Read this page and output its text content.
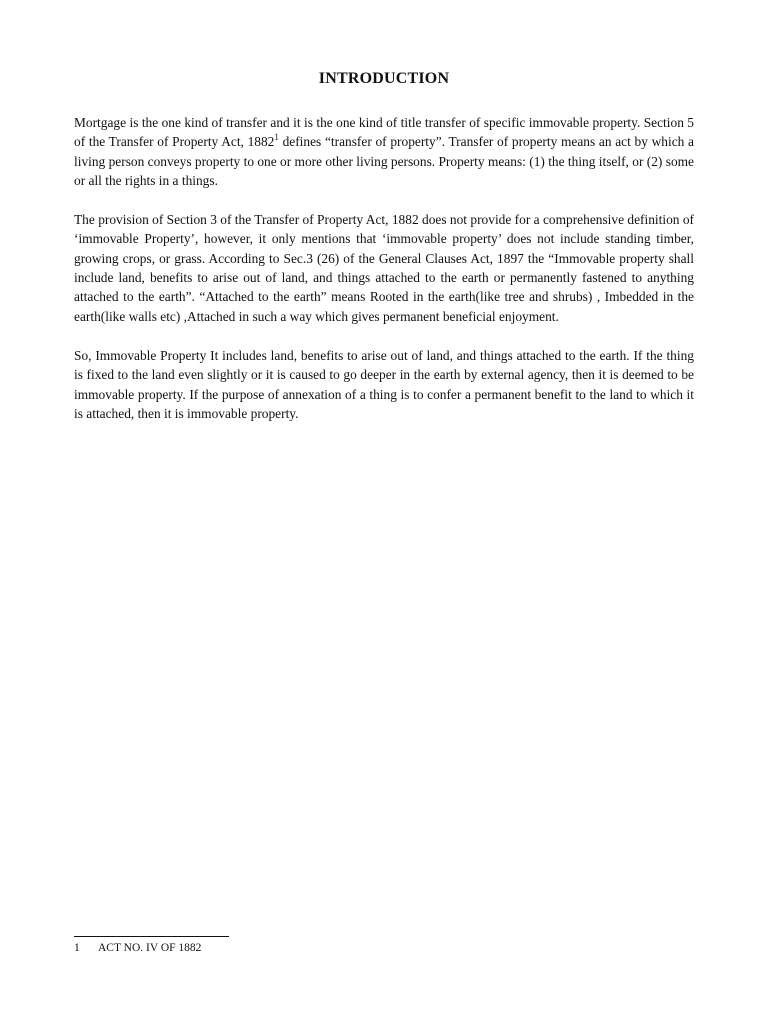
INTRODUCTION

Mortgage is the one kind of transfer and it is the one kind of title transfer of specific immovable property. Section 5 of the Transfer of Property Act, 1882$^1$ defines “transfer of property”. Transfer of property means an act by which a living person conveys property to one or more other living persons. Property means: (1) the thing itself, or (2) some or all the rights in a things.

The provision of Section 3 of the Transfer of Property Act, 1882 does not provide for a comprehensive definition of ‘immovable Property’, however, it only mentions that ‘immovable property’ does not include standing timber, growing crops, or grass. According to Sec.3 (26) of the General Clauses Act, 1897 the “Immovable property shall include land, benefits to arise out of land, and things attached to the earth or permanently fastened to anything attached to the earth”. “Attached to the earth” means Rooted in the earth(like tree and shrubs) , Imbedded in the earth(like walls etc) ,Attached in such a way which gives permanent beneficial enjoyment.

So, Immovable Property It includes land, benefits to arise out of land, and things attached to the earth. If the thing is fixed to the land even slightly or it is caused to go deeper in the earth by external agency, then it is deemed to be immovable property. If the purpose of annexation of a thing is to confer a permanent benefit to the land to which it is attached, then it is immovable property.

1 ACT NO. IV OF 1882
